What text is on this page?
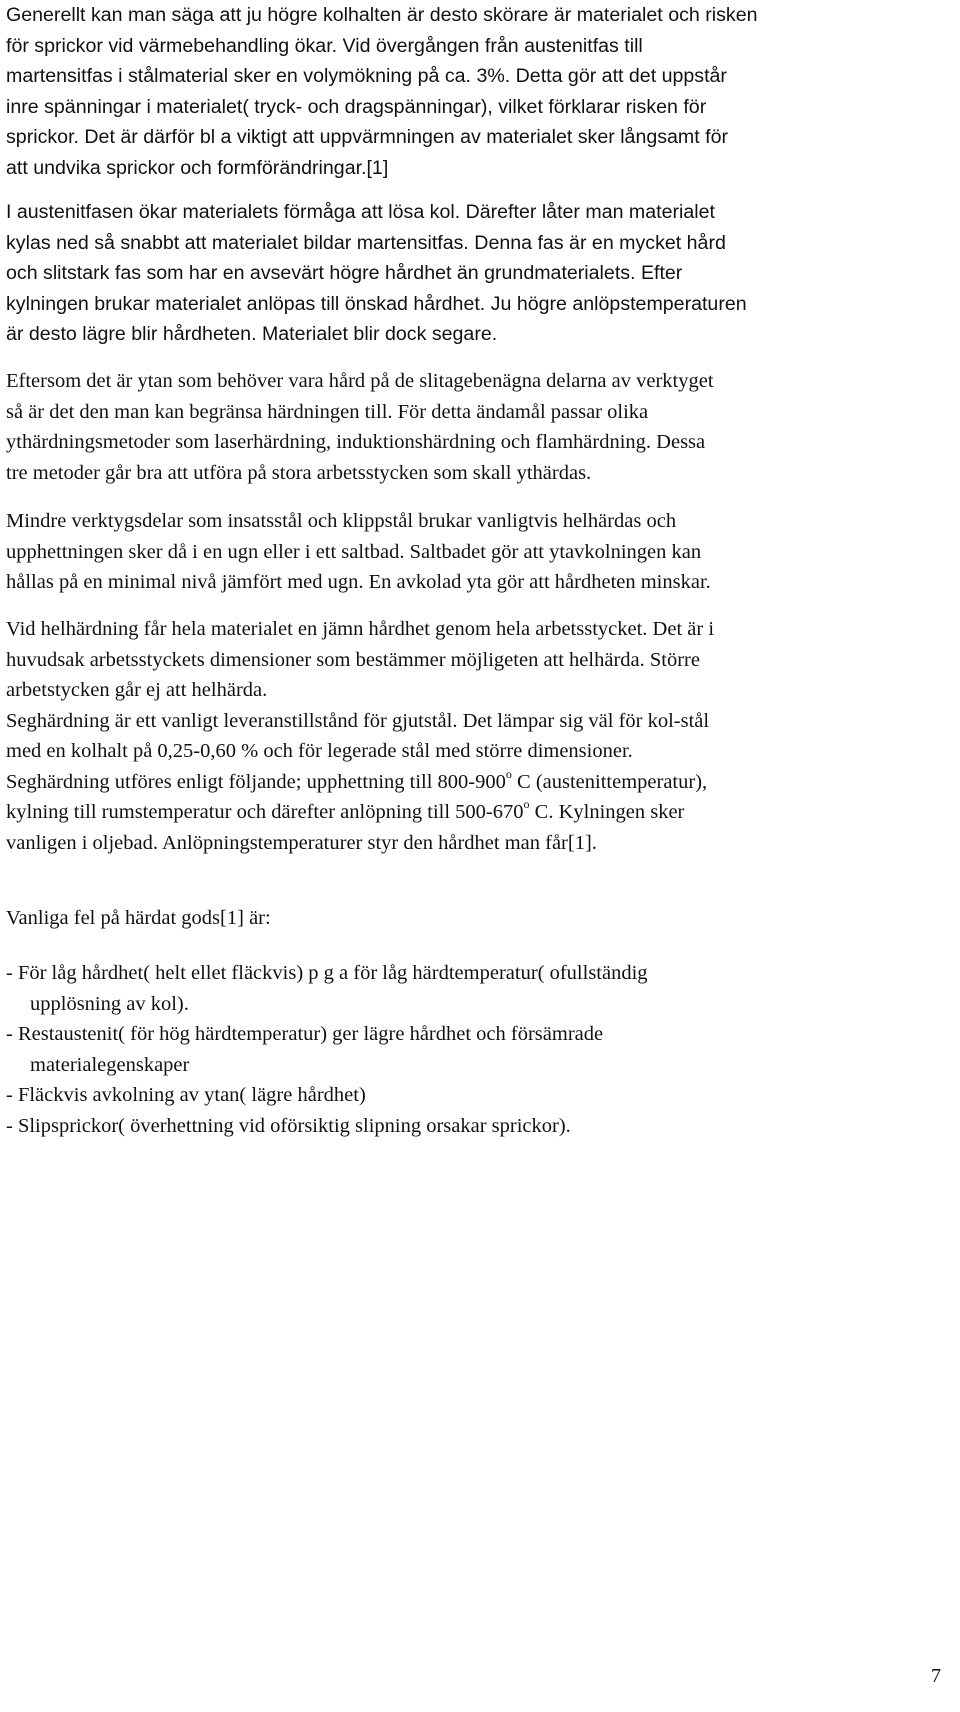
Generellt kan man säga att ju högre kolhalten är desto skörare är materialet och risken
för sprickor vid värmebehandling ökar. Vid övergången från austenitfas till
martensitfas i stålmaterial sker en volymökning på ca. 3%. Detta gör att det uppstår
inre spänningar i materialet( tryck- och dragspänningar), vilket förklarar risken för
sprickor. Det är därför bl a viktigt att uppvärmningen av materialet sker långsamt för
att undvika sprickor och formförändringar.[1]
I austenitfasen ökar materialets förmåga att lösa kol. Därefter låter man materialet
kylas ned så snabbt att materialet bildar martensitfas. Denna fas är en mycket hård
och slitstark fas som har en avsevärt högre hårdhet än grundmaterialets. Efter
kylningen brukar materialet anlöpas till önskad hårdhet. Ju högre anlöpstemperaturen
är desto lägre blir hårdheten. Materialet blir dock segare.
Eftersom det är ytan som behöver vara hård på de slitagebenägna delarna av verktyget
så är det den man kan begränsa härdningen till. För detta ändamål passar olika
ythärdningsmetoder som laserhärdning, induktionshärdning och flamhärdning. Dessa
tre metoder går bra att utföra på stora arbetsstycken som skall ythärdas.
Mindre verktygsdelar som insatsstål och klippstål brukar vanligtvis helhärdas och
upphettningen sker då i en ugn eller i ett saltbad. Saltbadet gör att ytavkolningen kan
hållas på en minimal nivå jämfört med ugn. En avkolad yta gör att hårdheten minskar.
Vid helhärdning får hela materialet en jämn hårdhet genom hela arbetsstycket. Det är i
huvudsak arbetsstyckets dimensioner som bestämmer möjligeten att helhärda. Större
arbetstycken går ej att helhärda.
Seghärdning är ett vanligt leveranstillstånd för gjutstål. Det lämpar sig väl för kol-stål
med en kolhalt på 0,25-0,60 % och för legerade stål med större dimensioner.
Seghärdning utföres enligt följande; upphettning till 800-900$^o$ C (austenittemperatur),
kylning till rumstemperatur och därefter anlöpning till 500-670$^o$ C. Kylningen sker
vanligen i oljebad. Anlöpningstemperaturer styr den hårdhet man får[1].
Vanliga fel på härdat gods[1] är:
- För låg hårdhet( helt ellet fläckvis) p g a för låg härdtemperatur( ofullständig
upplösning av kol).
- Restaustenit( för hög härdtemperatur) ger lägre hårdhet och försämrade
materialegenskaper
- Fläckvis avkolning av ytan( lägre hårdhet)
- Slipsprickor( överhettning vid oförsiktig slipning orsakar sprickor).
7
